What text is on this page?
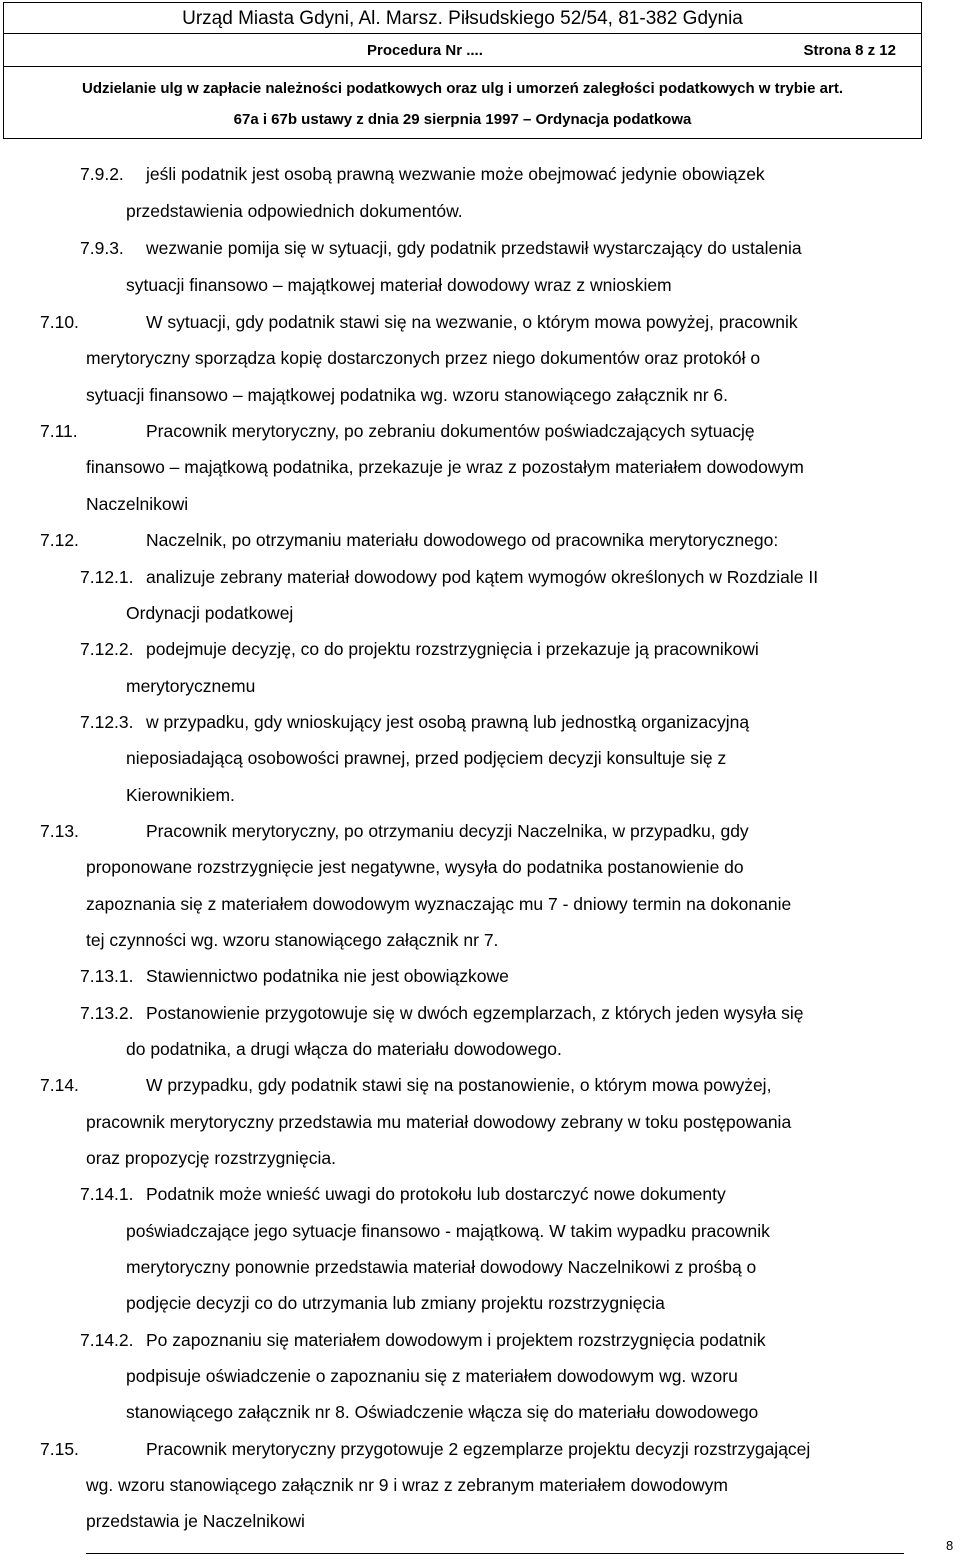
Urząd Miasta Gdyni, Al. Marsz. Piłsudskiego 52/54, 81-382 Gdynia
Procedura Nr ....	Strona 8 z 12
Udzielanie ulg w zapłacie należności podatkowych oraz ulg i umorzeń zaległości podatkowych w trybie art.
67a i 67b ustawy z dnia 29 sierpnia 1997 – Ordynacja podatkowa
7.9.2. jeśli podatnik jest osobą prawną wezwanie może obejmować jedynie obowiązek
przedstawienia odpowiednich dokumentów.
7.9.3. wezwanie pomija się w sytuacji, gdy podatnik przedstawił wystarczający do ustalenia
sytuacji finansowo – majątkowej materiał dowodowy wraz z wnioskiem
7.10.	W sytuacji, gdy podatnik stawi się na wezwanie, o którym mowa powyżej, pracownik
merytoryczny sporządza kopię dostarczonych przez niego dokumentów oraz protokół o
sytuacji finansowo – majątkowej podatnika wg. wzoru stanowiącego załącznik nr 6.
7.11.	Pracownik merytoryczny, po zebraniu dokumentów poświadczających sytuację
finansowo – majątkową podatnika, przekazuje je wraz z pozostałym materiałem dowodowym
Naczelnikowi
7.12.	Naczelnik, po otrzymaniu materiału dowodowego od pracownika merytorycznego:
7.12.1. analizuje zebrany materiał dowodowy pod kątem wymogów określonych w Rozdziale II
Ordynacji podatkowej
7.12.2. podejmuje decyzję, co do projektu rozstrzygnięcia i przekazuje ją pracownikowi
merytorycznemu
7.12.3. w przypadku, gdy wnioskujący jest osobą prawną lub jednostką organizacyjną
nieposiadającą osobowości prawnej, przed podjęciem decyzji konsultuje się z
Kierownikiem.
7.13.	Pracownik merytoryczny, po otrzymaniu decyzji Naczelnika, w przypadku, gdy
proponowane rozstrzygnięcie jest negatywne, wysyła do podatnika postanowienie do
zapoznania się z materiałem dowodowym wyznaczając mu 7 - dniowy termin na dokonanie
tej czynności wg. wzoru stanowiącego załącznik nr 7.
7.13.1. Stawiennictwo podatnika nie jest obowiązkowe
7.13.2. Postanowienie przygotowuje się w dwóch egzemplarzach, z których jeden wysyła się
do podatnika, a drugi włącza do materiału dowodowego.
7.14.	W przypadku, gdy podatnik stawi się na postanowienie, o którym mowa powyżej,
pracownik merytoryczny przedstawia mu materiał dowodowy zebrany w toku postępowania
oraz propozycję rozstrzygnięcia.
7.14.1. Podatnik może wnieść uwagi do protokołu lub dostarczyć nowe dokumenty
poświadczające jego sytuacje finansowo - majątkową. W takim wypadku pracownik
merytoryczny ponownie przedstawia materiał dowodowy Naczelnikowi z prośbą o
podjęcie decyzji co do utrzymania lub zmiany projektu rozstrzygnięcia
7.14.2. Po zapoznaniu się materiałem dowodowym i projektem rozstrzygnięcia podatnik
podpisuje oświadczenie o zapoznaniu się z materiałem dowodowym wg. wzoru
stanowiącego załącznik nr 8. Oświadczenie włącza się do materiału dowodowego
7.15.	Pracownik merytoryczny przygotowuje 2 egzemplarze projektu decyzji rozstrzygającej
wg. wzoru stanowiącego załącznik nr 9 i wraz z zebranym materiałem dowodowym
przedstawia je Naczelnikowi
8
